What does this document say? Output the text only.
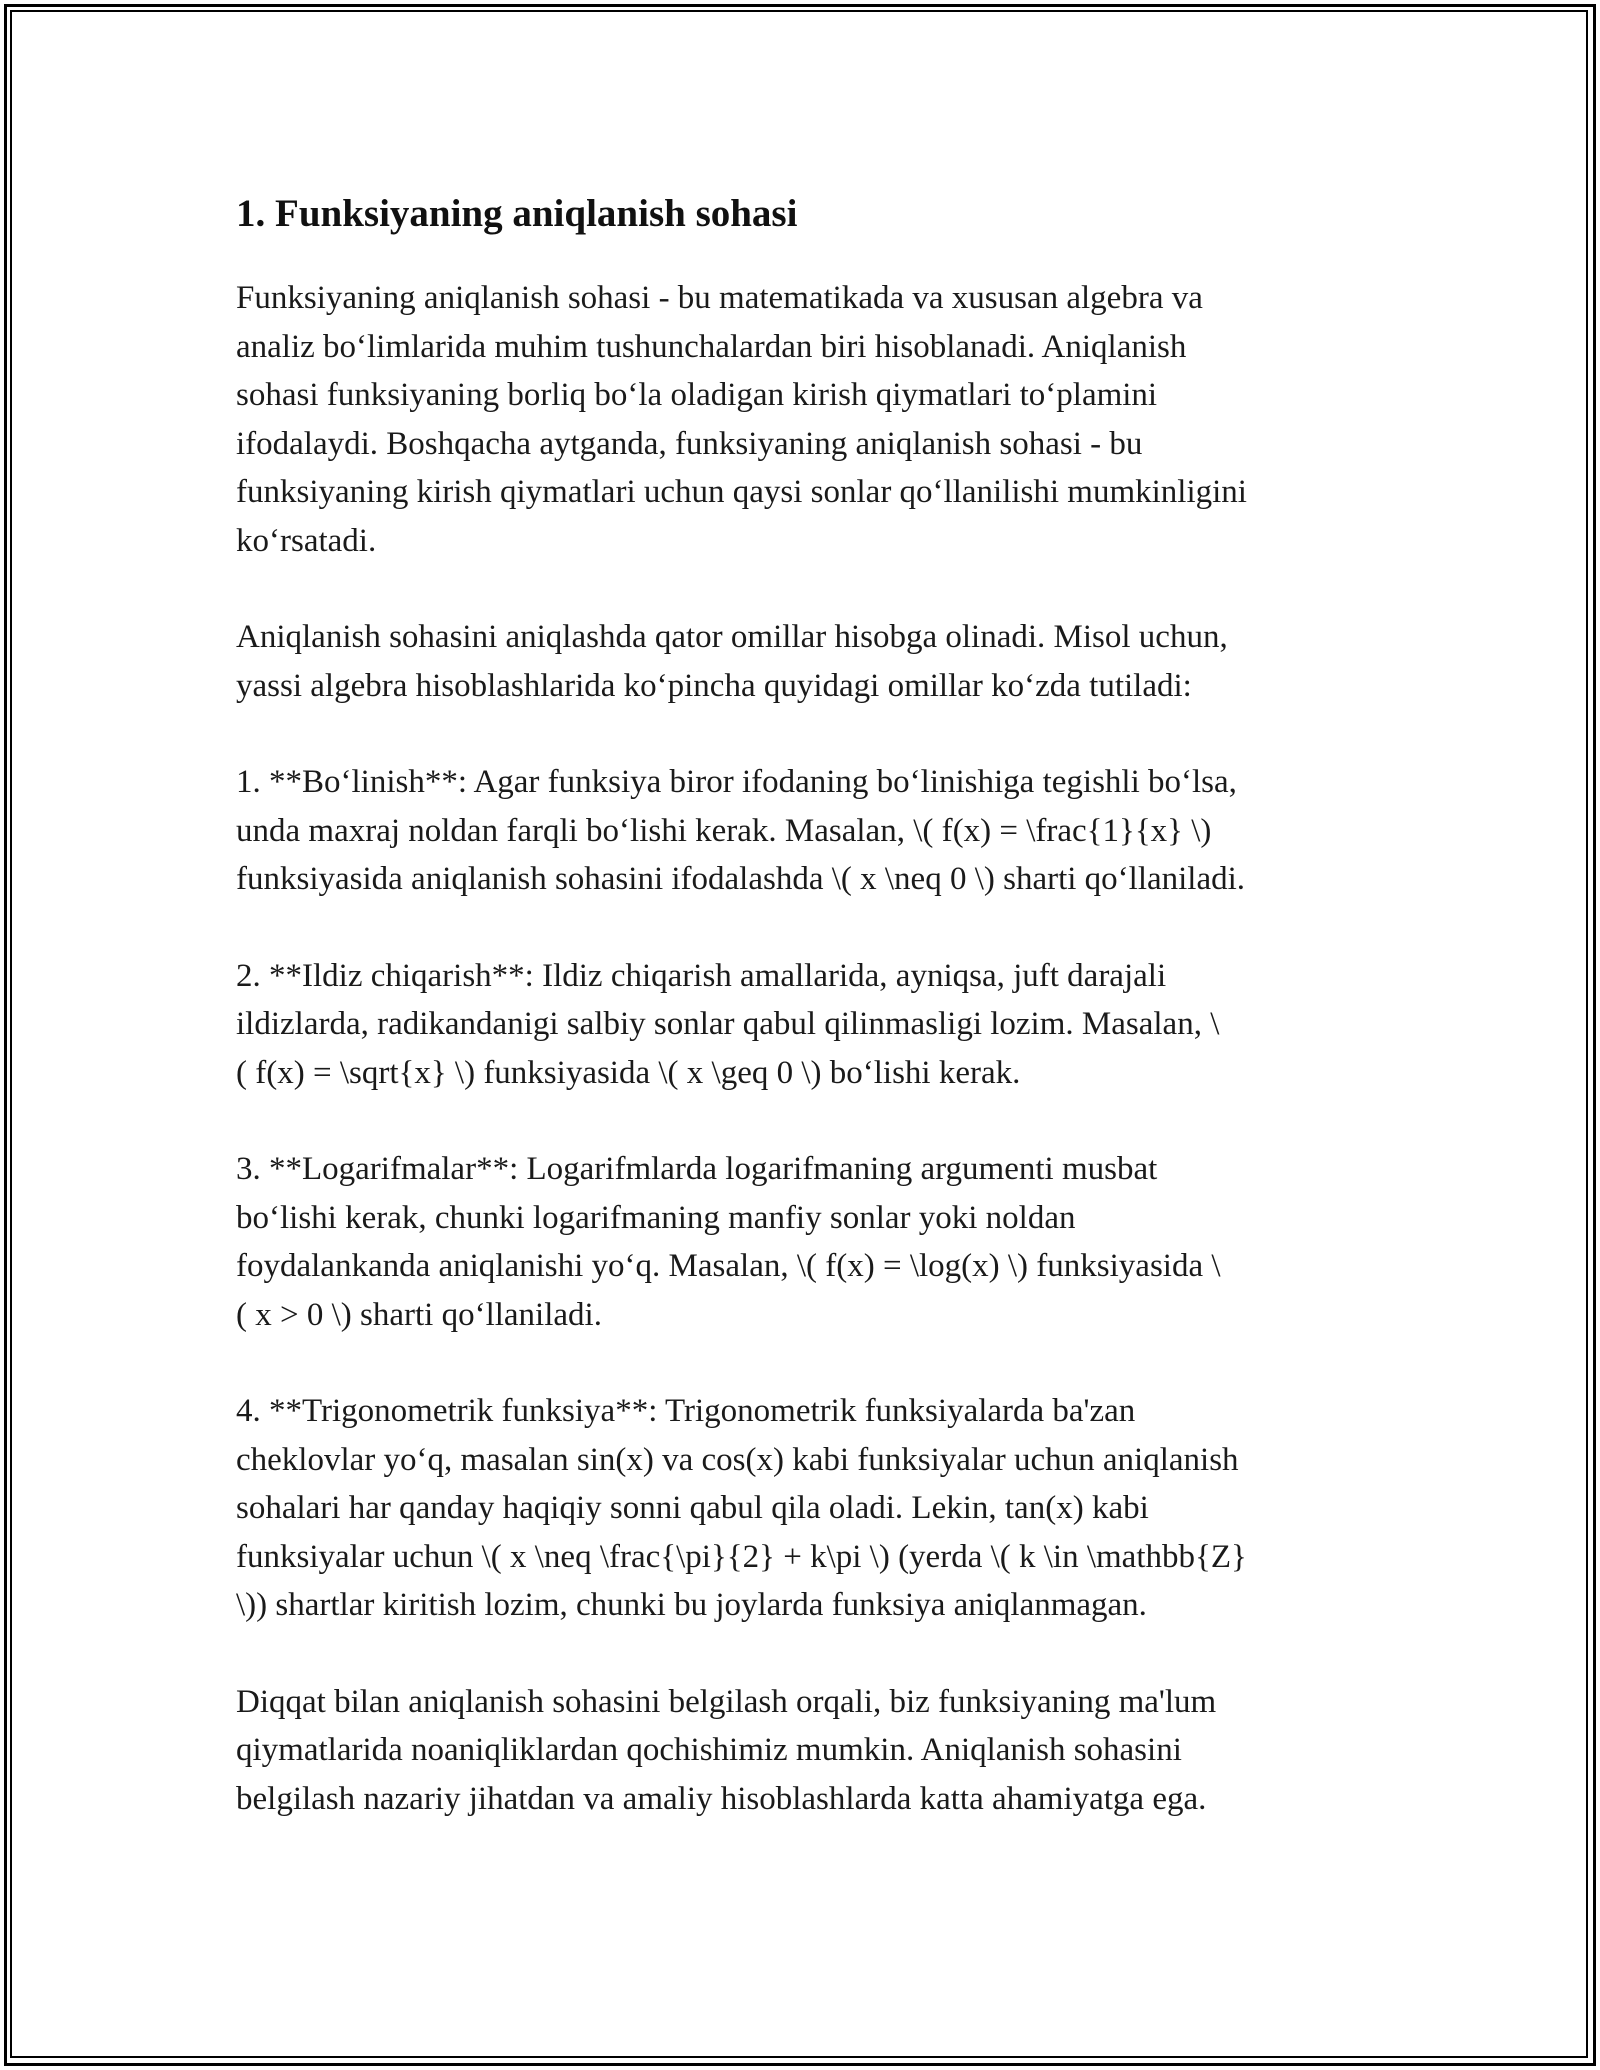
1. Funksiyaning aniqlanish sohasi

Funksiyaning aniqlanish sohasi - bu matematikada va xususan algebra va
analiz bo‘limlarida muhim tushunchalardan biri hisoblanadi. Aniqlanish
sohasi funksiyaning borliq bo‘la oladigan kirish qiymatlari to‘plamini
ifodalaydi. Boshqacha aytganda, funksiyaning aniqlanish sohasi - bu
funksiyaning kirish qiymatlari uchun qaysi sonlar qo‘llanilishi mumkinligini
ko‘rsatadi.

Aniqlanish sohasini aniqlashda qator omillar hisobga olinadi. Misol uchun,
yassi algebra hisoblashlarida ko‘pincha quyidagi omillar ko‘zda tutiladi:

1. **Bo‘linish**: Agar funksiya biror ifodaning bo‘linishiga tegishli bo‘lsa,
unda maxraj noldan farqli bo‘lishi kerak. Masalan, \( f(x) = \frac{1}{x} \)
funksiyasida aniqlanish sohasini ifodalashda \( x \neq 0 \) sharti qo‘llaniladi.

2. **Ildiz chiqarish**: Ildiz chiqarish amallarida, ayniqsa, juft darajali
ildizlarda, radikandanigi salbiy sonlar qabul qilinmasligi lozim. Masalan, \
( f(x) = \sqrt{x} \) funksiyasida \( x \geq 0 \) bo‘lishi kerak.

3. **Logarifmalar**: Logarifmlarda logarifmaning argumenti musbat
bo‘lishi kerak, chunki logarifmaning manfiy sonlar yoki noldan
foydalankanda aniqlanishi yo‘q. Masalan, \( f(x) = \log(x) \) funksiyasida \
( x > 0 \) sharti qo‘llaniladi.

4. **Trigonometrik funksiya**: Trigonometrik funksiyalarda ba'zan
cheklovlar yo‘q, masalan sin(x) va cos(x) kabi funksiyalar uchun aniqlanish
sohalari har qanday haqiqiy sonni qabul qila oladi. Lekin, tan(x) kabi
funksiyalar uchun \( x \neq \frac{\pi}{2} + k\pi \) (yerda \( k \in \mathbb{Z}
\)) shartlar kiritish lozim, chunki bu joylarda funksiya aniqlanmagan.

Diqqat bilan aniqlanish sohasini belgilash orqali, biz funksiyaning ma'lum
qiymatlarida noaniqliklardan qochishimiz mumkin. Aniqlanish sohasini
belgilash nazariy jihatdan va amaliy hisoblashlarda katta ahamiyatga ega.
